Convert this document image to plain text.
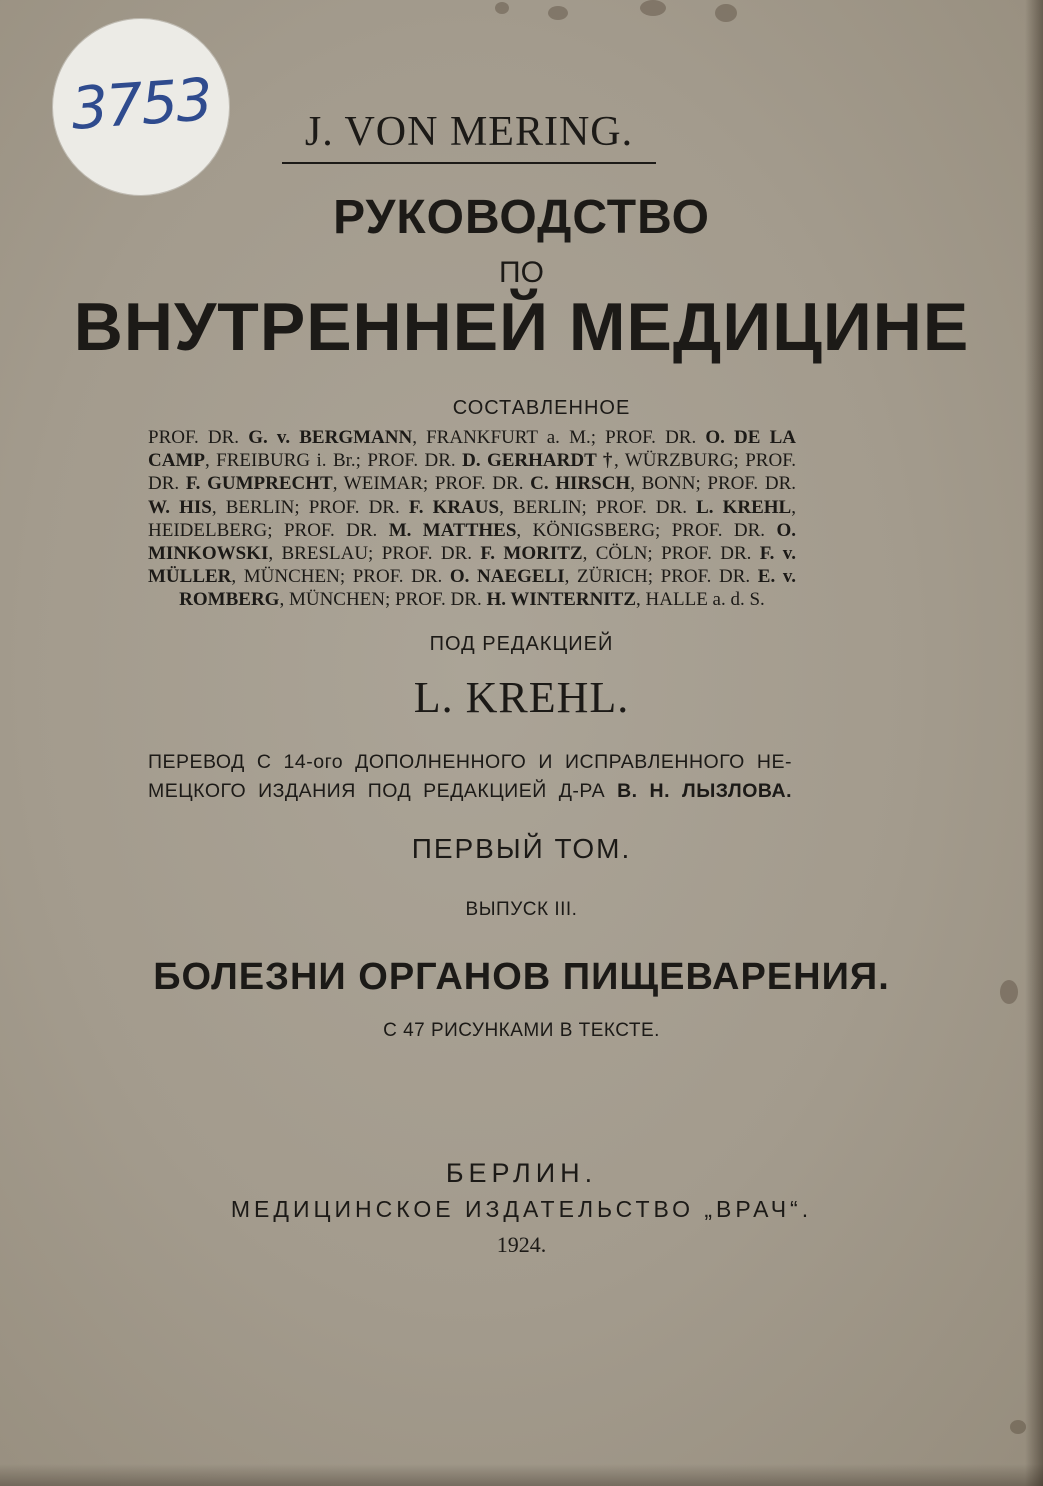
3753	J. VON MERING.
РУКОВОДСТВО
ПО
ВНУТРЕННЕЙ МЕДИЦИНЕ
СОСТАВЛЕННОЕ
PROF. DR. G. v. BERGMANN, FRANKFURT a. M.; PROF. DR. O. DE LA CAMP, FREIBURG i. Br.; PROF. DR. D. GERHARDT †, WÜRZBURG; PROF. DR. F. GUMPRECHT, WEIMAR; PROF. DR. C. HIRSCH, BONN; PROF. DR. W. HIS, BERLIN; PROF. DR. F. KRAUS, BERLIN; PROF. DR. L. KREHL, HEIDELBERG; PROF. DR. M. MATTHES, KÖNIGSBERG; PROF. DR. O. MINKOWSKI, BRESLAU; PROF. DR. F. MORITZ, CÖLN; PROF. DR. F. v. MÜLLER, MÜNCHEN; PROF. DR. O. NAEGELI, ZÜRICH; PROF. DR. E. v. ROMBERG, MÜNCHEN; PROF. DR. H. WINTERNITZ, HALLE a. d. S.
ПОД РЕДАКЦИЕЙ
L. KREHL.
ПЕРЕВОД С 14-ого ДОПОЛНЕННОГО И ИСПРАВЛЕННОГО НЕ-
МЕЦКОГО ИЗДАНИЯ ПОД РЕДАКЦИЕЙ Д-РА В. Н. ЛЫЗЛОВА.
ПЕРВЫЙ ТОМ.
ВЫПУСК III.
БОЛЕЗНИ ОРГАНОВ ПИЩЕВАРЕНИЯ.
С 47 РИСУНКАМИ В ТЕКСТЕ.
БЕРЛИН.
МЕДИЦИНСКОЕ ИЗДАТЕЛЬСТВО „ВРАЧ“.
1924.
